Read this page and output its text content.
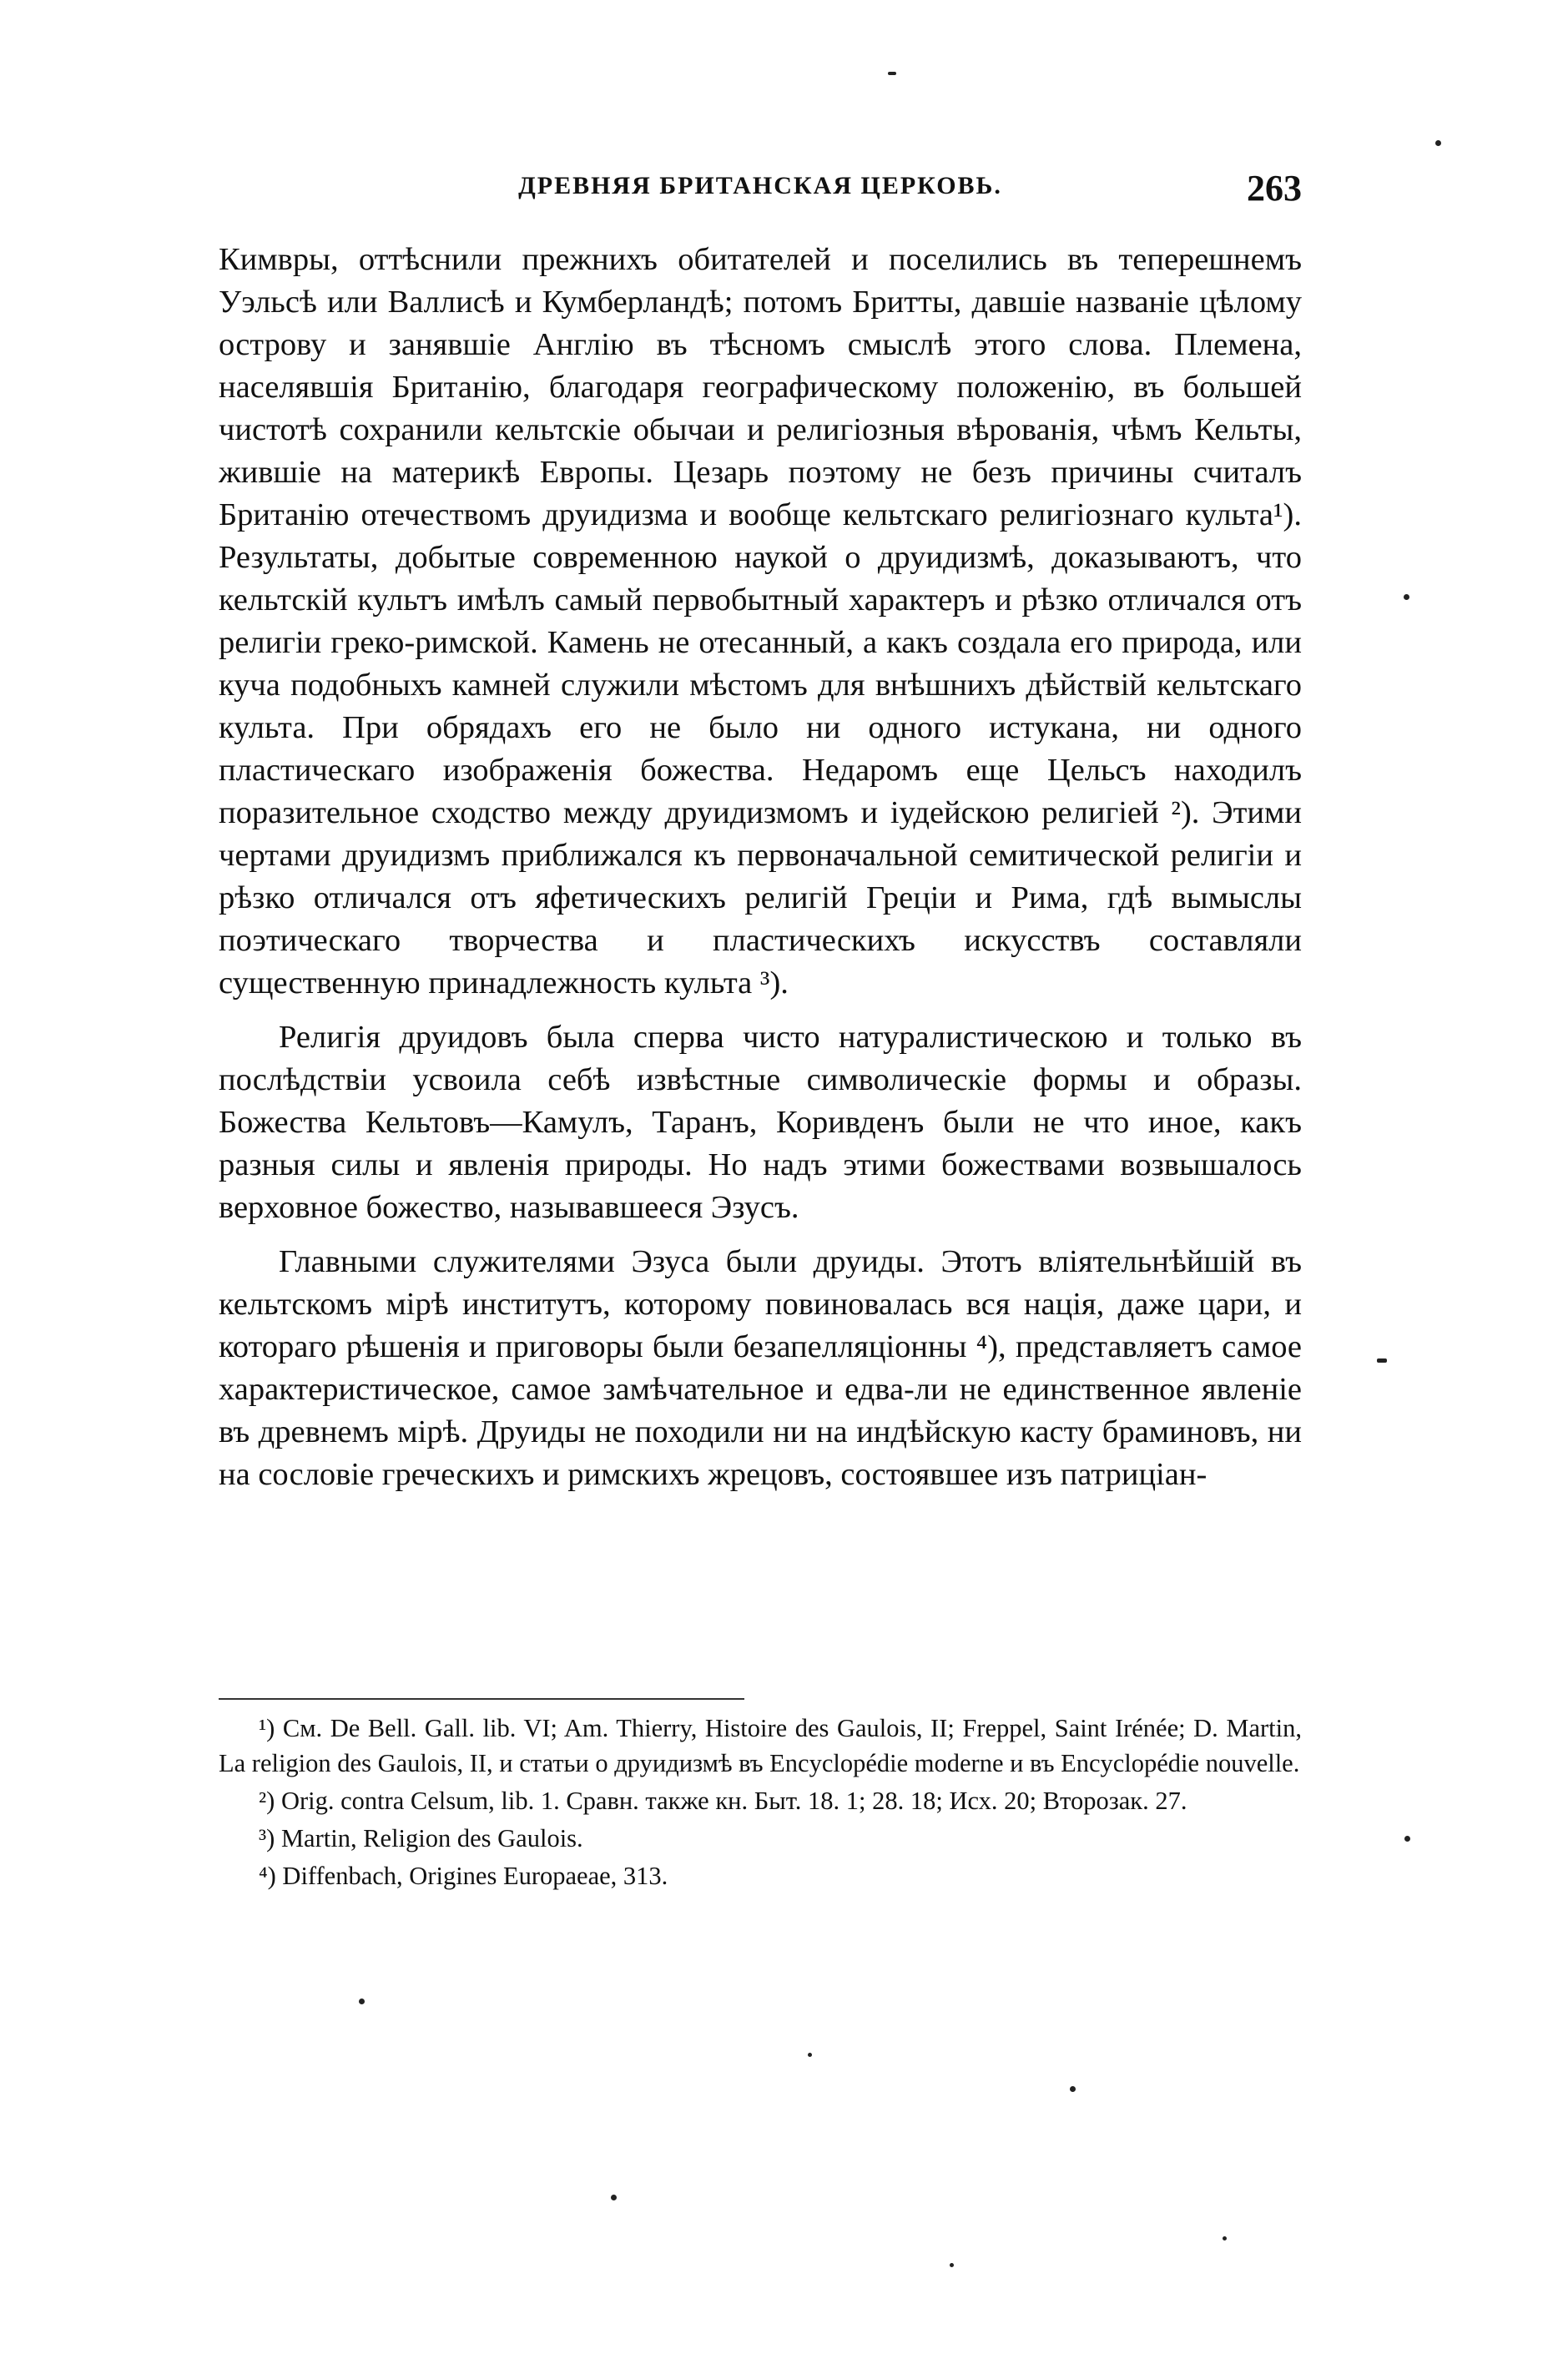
ДРЕВНЯЯ БРИТАНСКАЯ ЦЕРКОВЬ.	263

Кимвры, оттѣснили прежнихъ обитателей и поселились въ теперешнемъ Уэльсѣ или Валлисѣ и Кумберландѣ; потомъ Бритты, давшіе названіе цѣлому острову и занявшіе Англію въ тѣсномъ смыслѣ этого слова. Племена, населявшія Британію, благодаря географическому положенію, въ большей чистотѣ сохранили кельтскіе обычаи и религіозныя вѣрованія, чѣмъ Кельты, жившіе на материкѣ Европы. Цезарь поэтому не безъ причины считалъ Британію отечествомъ друидизма и вообще кельтскаго религіознаго культа¹). Результаты, добытые современною наукой о друидизмѣ, доказываютъ, что кельтскій культъ имѣлъ самый первобытный характеръ и рѣзко отличался отъ религіи греко-римской. Камень не отесанный, а какъ создала его природа, или куча подобныхъ камней служили мѣстомъ для внѣшнихъ дѣйствій кельтскаго культа. При обрядахъ его не было ни одного истукана, ни одного пластическаго изображенія божества. Недаромъ еще Цельсъ находилъ поразительное сходство между друидизмомъ и іудейскою религіей ²). Этими чертами друидизмъ приближался къ первоначальной семитической религіи и рѣзко отличался отъ яфетическихъ религій Греціи и Рима, гдѣ вымыслы поэтическаго творчества и пластическихъ искусствъ составляли существенную принадлежность культа ³).

Религія друидовъ была сперва чисто натуралистическою и только въ послѣдствіи усвоила себѣ извѣстные символическіе формы и образы. Божества Кельтовъ—Камулъ, Таранъ, Коривденъ были не что иное, какъ разныя силы и явленія природы. Но надъ этими божествами возвышалось верховное божество, называвшееся Эзусъ.

Главными служителями Эзуса были друиды. Этотъ вліятельнѣйшій въ кельтскомъ мірѣ институтъ, которому повиновалась вся нація, даже цари, и котораго рѣшенія и приговоры были безапелляціонны ⁴), представляетъ самое характеристическое, самое замѣчательное и едва-ли не единственное явленіе въ древнемъ мірѣ. Друиды не походили ни на индѣйскую касту браминовъ, ни на сословіе греческихъ и римскихъ жрецовъ, состоявшее изъ патриціан-

¹) См. De Bell. Gall. lib. VI; Am. Thierry, Histoire des Gaulois, II; Freppel, Saint Irénée; D. Martin, La religion des Gaulois, II, и статьи о друидизмѣ въ Encyclopédie moderne и въ Encyclopédie nouvelle.

²) Orig. contra Celsum, lib. 1. Сравн. также кн. Быт. 18. 1; 28. 18; Исх. 20; Второзак. 27.

³) Martin, Religion des Gaulois.

⁴) Diffenbach, Origines Europaeae, 313.
